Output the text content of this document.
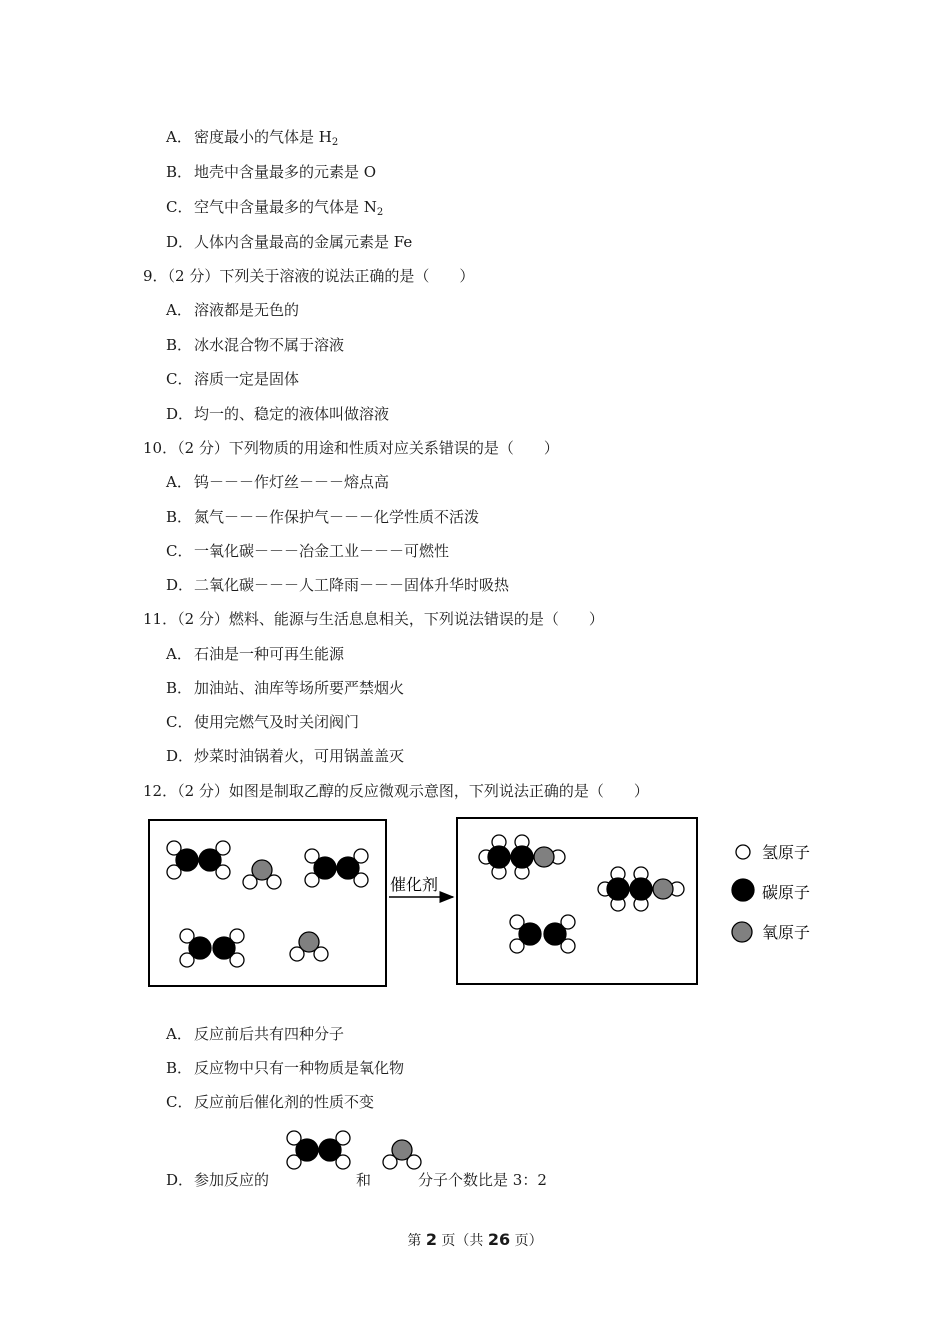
A． 密度最小的气体是 $H_2$
B． 地壳中含量最多的元素是 O
C． 空气中含量最多的气体是 $N_2$
D．人体内含量最高的金属元素是 Fe
9．（2 分）下列关于溶液的说法正确的是（　　）
A． 溶液都是无色的
B． 冰水混合物不属于溶液
C． 溶质一定是固体
D．均一的、稳定的液体叫做溶液
10．（2 分）下列物质的用途和性质对应关系错误的是（　　）
A． 钨－－－作灯丝－－－熔点高
B． 氮气－－－作保护气－－－化学性质不活泼
C． 一氧化碳－－－冶金工业－－－可燃性
D．二氧化碳－－－人工降雨－－－固体升华时吸热
11．（2 分）燃料、能源与生活息息相关，下列说法错误的是（　　）
A． 石油是一种可再生能源
B． 加油站、油库等场所要严禁烟火
C． 使用完燃气及时关闭阀门
D．炒菜时油锅着火，可用锅盖盖灭
12．（2 分）如图是制取乙醇的反应微观示意图，下列说法正确的是（　　）
催化剂
氢原子
碳原子
氧原子
A． 反应前后共有四种分子
B． 反应物中只有一种物质是氧化物
C． 反应前后催化剂的性质不变
D．参加反应的	和	分子个数比是 3：2
第 2 页（共 26 页）
